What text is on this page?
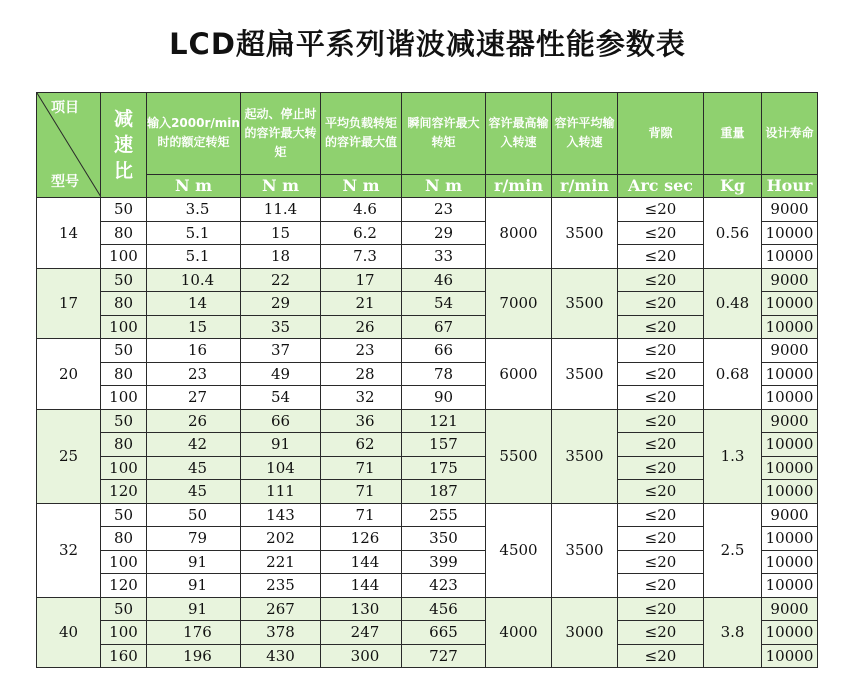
LCD超扁平系列谐波减速器性能参数表
项目
型号	减速比	输入2000r/min时的额定转矩	起动、停止时的容许最大转矩	平均负载转矩的容许最大值	瞬间容许最大转矩	容许最高输入转速	容许平均输入转速	背隙	重量	设计寿命
		N m	N m	N m	N m	r/min	r/min	Arc sec	Kg	Hour
14	50	3.5	11.4	4.6	23	8000	3500	≤20	0.56	9000
	80	5.1	15	6.2	29			≤20		10000
	100	5.1	18	7.3	33			≤20		10000
17	50	10.4	22	17	46	7000	3500	≤20	0.48	9000
	80	14	29	21	54			≤20		10000
	100	15	35	26	67			≤20		10000
20	50	16	37	23	66	6000	3500	≤20	0.68	9000
	80	23	49	28	78			≤20		10000
	100	27	54	32	90			≤20		10000
25	50	26	66	36	121	5500	3500	≤20	1.3	9000
	80	42	91	62	157			≤20		10000
	100	45	104	71	175			≤20		10000
	120	45	111	71	187			≤20		10000
32	50	50	143	71	255	4500	3500	≤20	2.5	9000
	80	79	202	126	350			≤20		10000
	100	91	221	144	399			≤20		10000
	120	91	235	144	423			≤20		10000
40	50	91	267	130	456	4000	3000	≤20	3.8	9000
	100	176	378	247	665			≤20		10000
	160	196	430	300	727			≤20		10000
